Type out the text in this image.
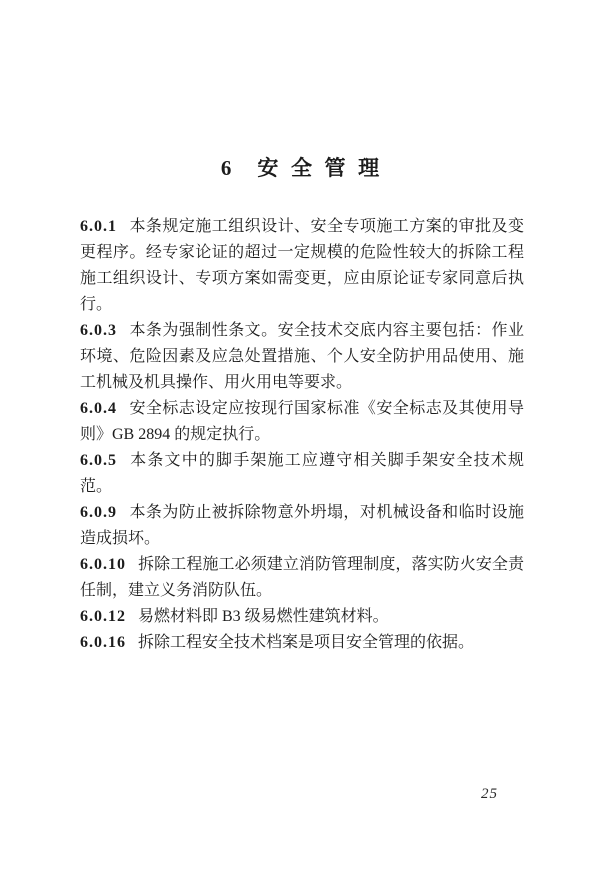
6 安全管理

6.0.1 本条规定施工组织设计、安全专项施工方案的审批及变更程序。经专家论证的超过一定规模的危险性较大的拆除工程施工组织设计、专项方案如需变更，应由原论证专家同意后执行。

6.0.3 本条为强制性条文。安全技术交底内容主要包括：作业环境、危险因素及应急处置措施、个人安全防护用品使用、施工机械及机具操作、用火用电等要求。

6.0.4 安全标志设定应按现行国家标准《安全标志及其使用导则》GB 2894 的规定执行。

6.0.5 本条文中的脚手架施工应遵守相关脚手架安全技术规范。

6.0.9 本条为防止被拆除物意外坍塌，对机械设备和临时设施造成损坏。

6.0.10 拆除工程施工必须建立消防管理制度，落实防火安全责任制，建立义务消防队伍。

6.0.12 易燃材料即 B3 级易燃性建筑材料。

6.0.16 拆除工程安全技术档案是项目安全管理的依据。

25
